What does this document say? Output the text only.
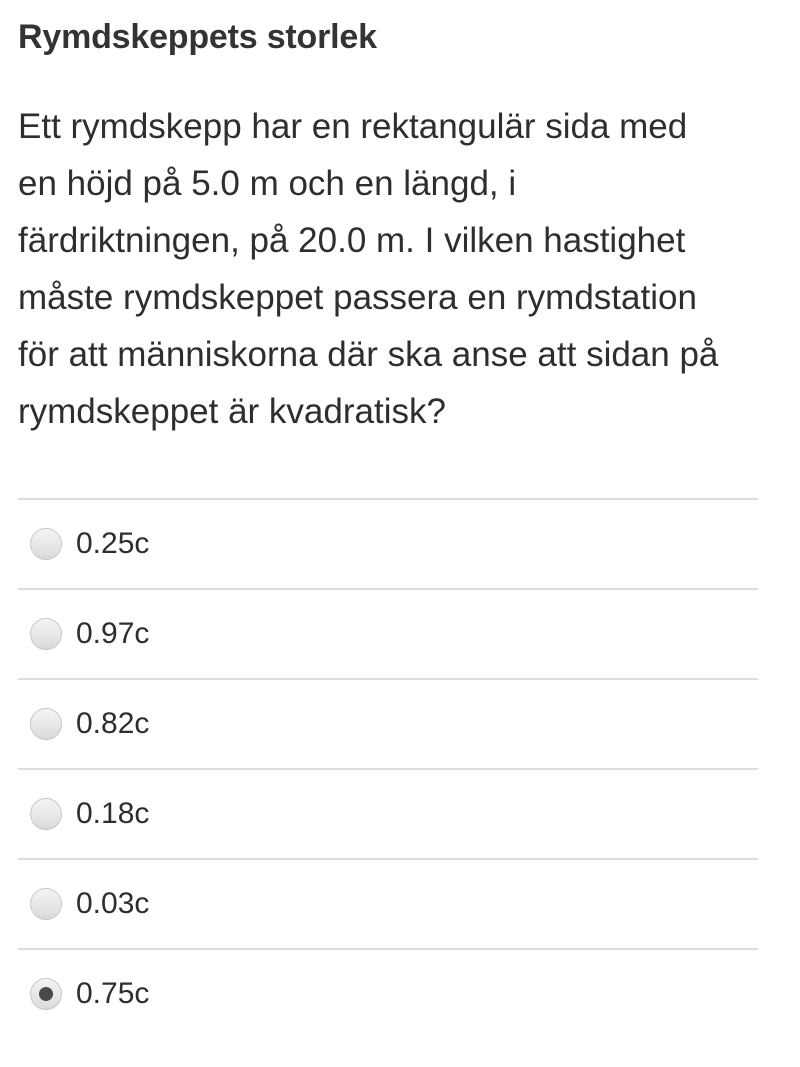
Rymdskeppets storlek

Ett rymdskepp har en rektangulär sida med
en höjd på 5.0 m och en längd, i
färdriktningen, på 20.0 m. I vilken hastighet
måste rymdskeppet passera en rymdstation
för att människorna där ska anse att sidan på
rymdskeppet är kvadratisk?

0.25c
0.97c
0.82c
0.18c
0.03c
0.75c
